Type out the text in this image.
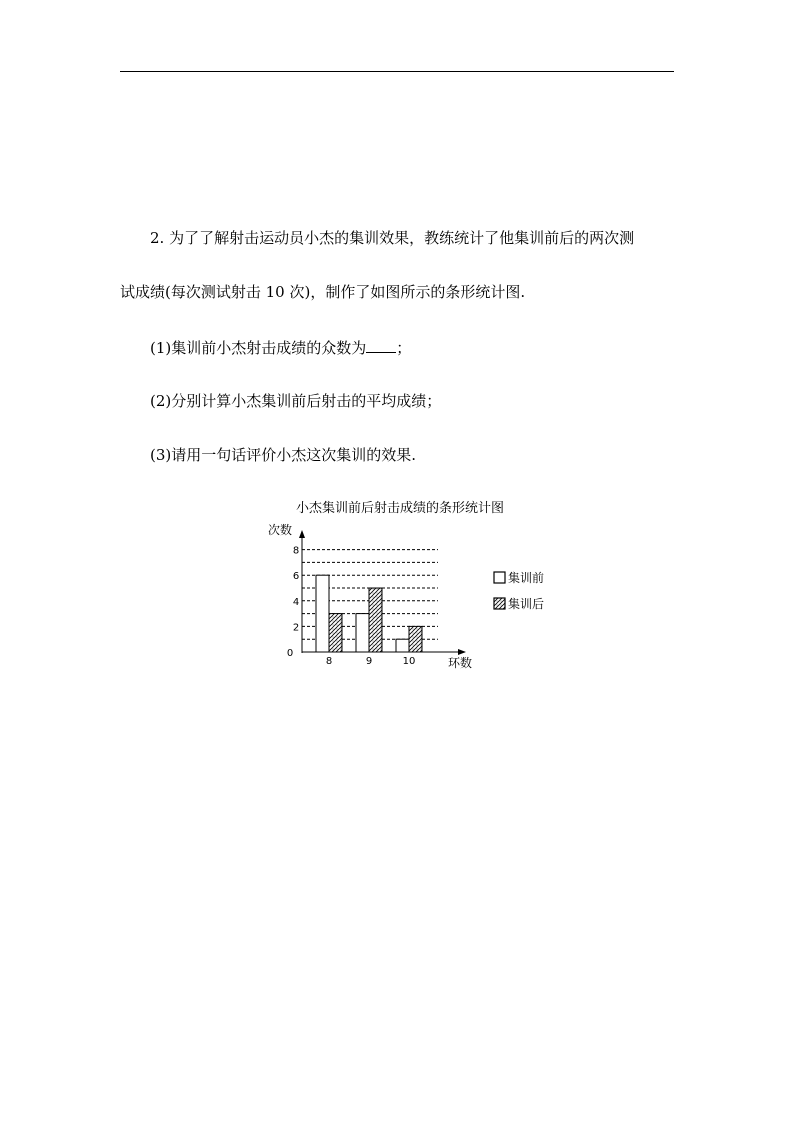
2. 为了了解射击运动员小杰的集训效果，教练统计了他集训前后的两次测
试成绩(每次测试射击 10 次)，制作了如图所示的条形统计图.
(1)集训前小杰射击成绩的众数为 ；
(2)分别计算小杰集训前后射击的平均成绩；
(3)请用一句话评价小杰这次集训的效果.
小杰集训前后射击成绩的条形统计图
次数
环数
0
2
4
6
8
8	9	10
集训前
集训后
